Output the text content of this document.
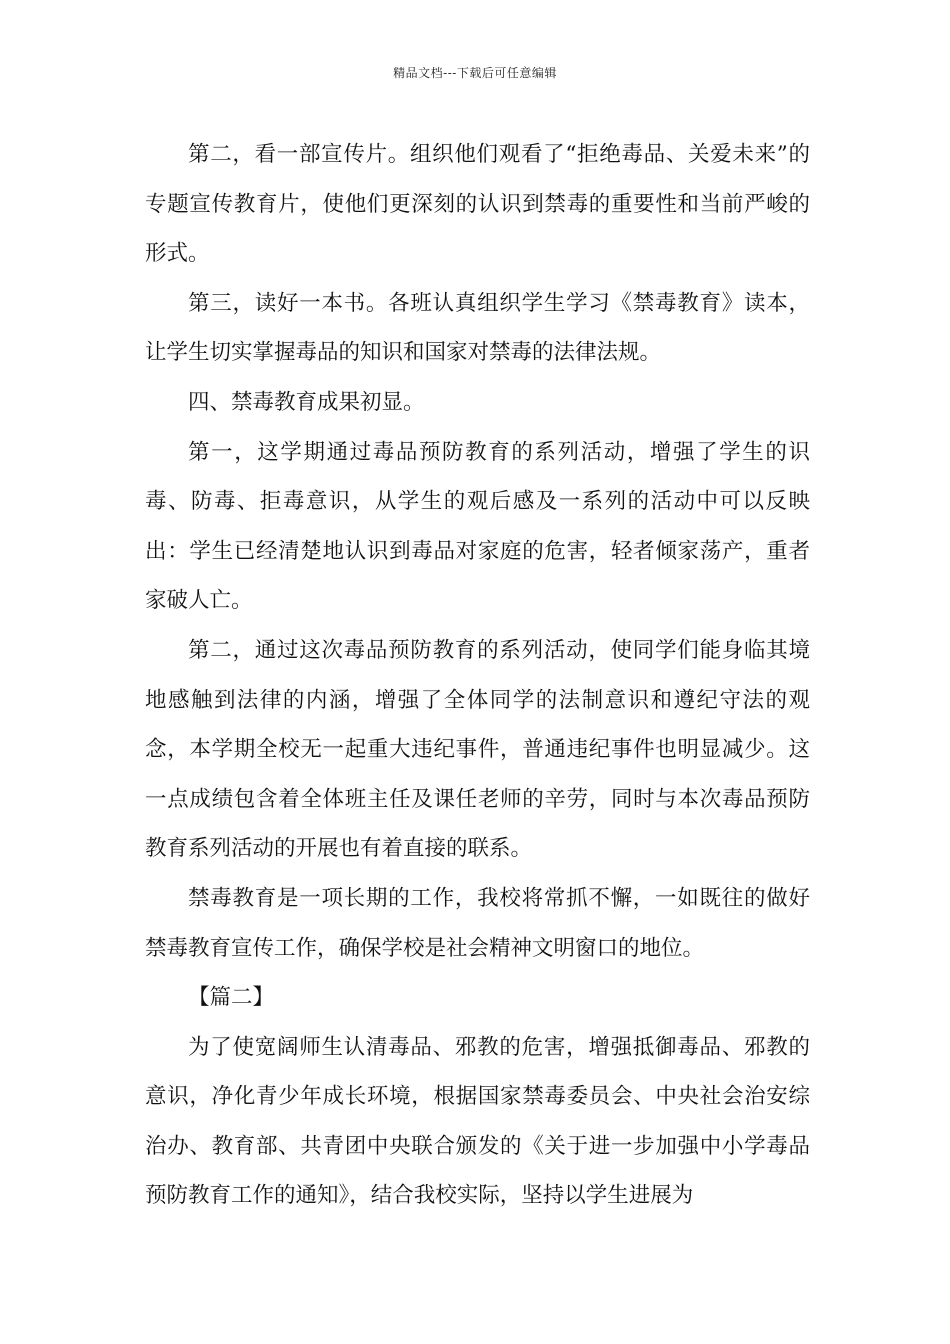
精品文档---下载后可任意编辑

第二，看一部宣传片。组织他们观看了“拒绝毒品、关爱未来”的专题宣传教育片，使他们更深刻的认识到禁毒的重要性和当前严峻的形式。

第三，读好一本书。各班认真组织学生学习《禁毒教育》读本，让学生切实掌握毒品的知识和国家对禁毒的法律法规。

四、禁毒教育成果初显。

第一，这学期通过毒品预防教育的系列活动，增强了学生的识毒、防毒、拒毒意识，从学生的观后感及一系列的活动中可以反映出：学生已经清楚地认识到毒品对家庭的危害，轻者倾家荡产，重者家破人亡。

第二，通过这次毒品预防教育的系列活动，使同学们能身临其境地感触到法律的内涵，增强了全体同学的法制意识和遵纪守法的观念，本学期全校无一起重大违纪事件，普通违纪事件也明显减少。这一点成绩包含着全体班主任及课任老师的辛劳，同时与本次毒品预防教育系列活动的开展也有着直接的联系。

禁毒教育是一项长期的工作，我校将常抓不懈，一如既往的做好禁毒教育宣传工作，确保学校是社会精神文明窗口的地位。

【篇二】

为了使宽阔师生认清毒品、邪教的危害，增强抵御毒品、邪教的意识，净化青少年成长环境，根据国家禁毒委员会、中央社会治安综治办、教育部、共青团中央联合颁发的《关于进一步加强中小学毒品预防教育工作的通知》，结合我校实际，坚持以学生进展为
